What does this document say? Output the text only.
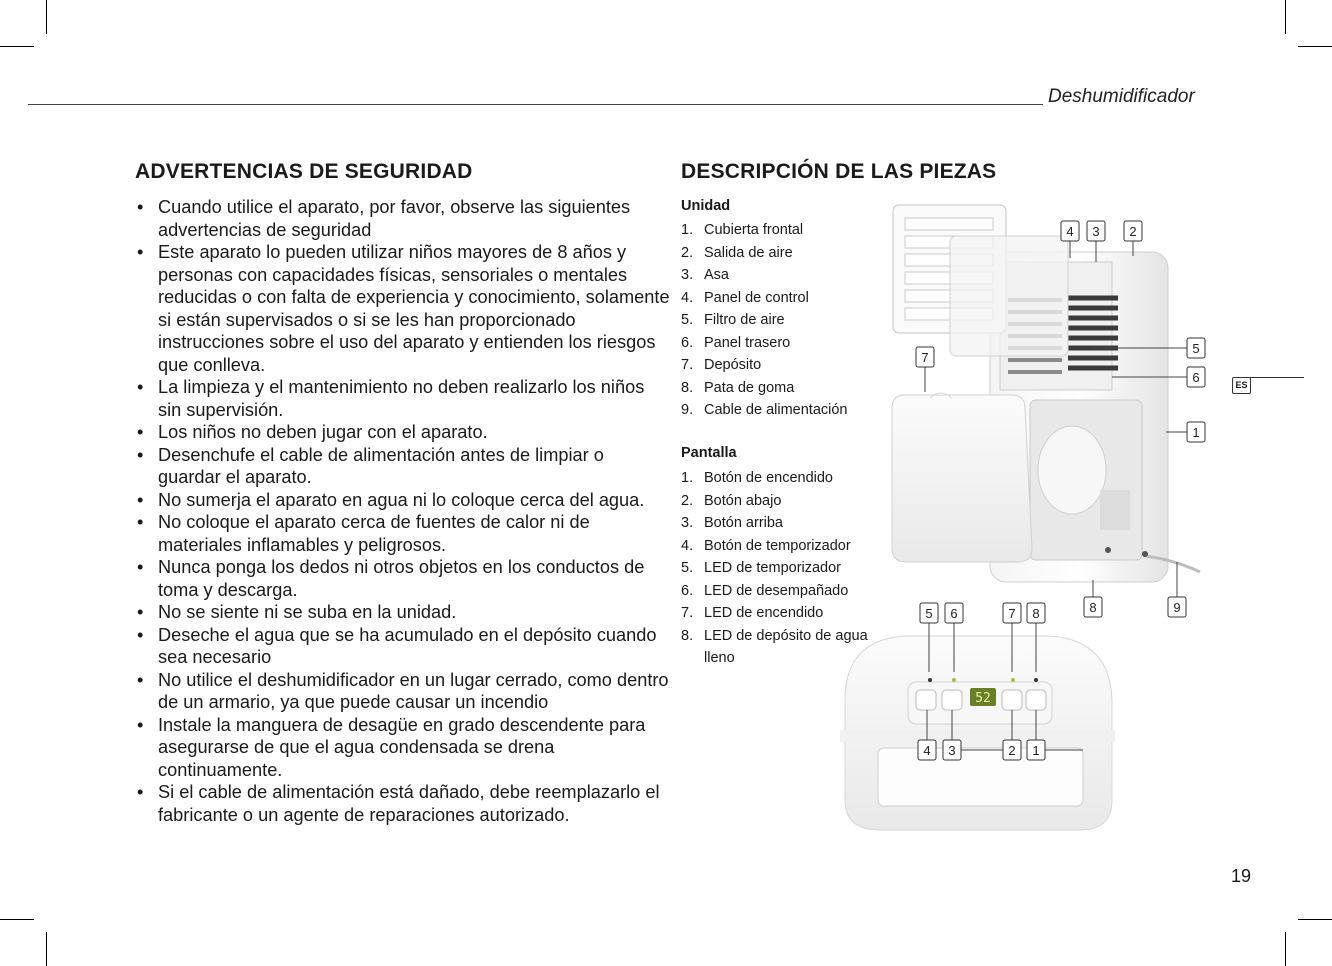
Deshumidificador
ADVERTENCIAS DE SEGURIDAD
• Cuando utilice el aparato, por favor, observe las siguientes advertencias de seguridad
• Este aparato lo pueden utilizar niños mayores de 8 años y personas con capacidades físicas, sensoriales o mentales reducidas o con falta de experiencia y conocimiento, solamente si están supervisados o si se les han proporcionado instrucciones sobre el uso del aparato y entienden los riesgos que conlleva.
• La limpieza y el mantenimiento no deben realizarlo los niños sin supervisión.
• Los niños no deben jugar con el aparato.
• Desenchufe el cable de alimentación antes de limpiar o guardar el aparato.
• No sumerja el aparato en agua ni lo coloque cerca del agua.
• No coloque el aparato cerca de fuentes de calor ni de materiales inflamables y peligrosos.
• Nunca ponga los dedos ni otros objetos en los conductos de toma y descarga.
• No se siente ni se suba en la unidad.
• Deseche el agua que se ha acumulado en el depósito cuando sea necesario
• No utilice el deshumidificador en un lugar cerrado, como dentro de un armario, ya que puede causar un incendio
• Instale la manguera de desagüe en grado descendente para asegurarse de que el agua condensada se drena continuamente.
• Si el cable de alimentación está dañado, debe reemplazarlo el fabricante o un agente de reparaciones autorizado.
DESCRIPCIÓN DE LAS PIEZAS
Unidad
1. Cubierta frontal
2. Salida de aire
3. Asa
4. Panel de control
5. Filtro de aire
6. Panel trasero
7. Depósito
8. Pata de goma
9. Cable de alimentación
Pantalla
1. Botón de encendido
2. Botón abajo
3. Botón arriba
4. Botón de temporizador
5. LED de temporizador
6. LED de desempañado
7. LED de encendido
8. LED de depósito de agua lleno
52
4 3 2
5
6
7
1
8	9
5 6	7 8
4 3	2 1
ES
19
